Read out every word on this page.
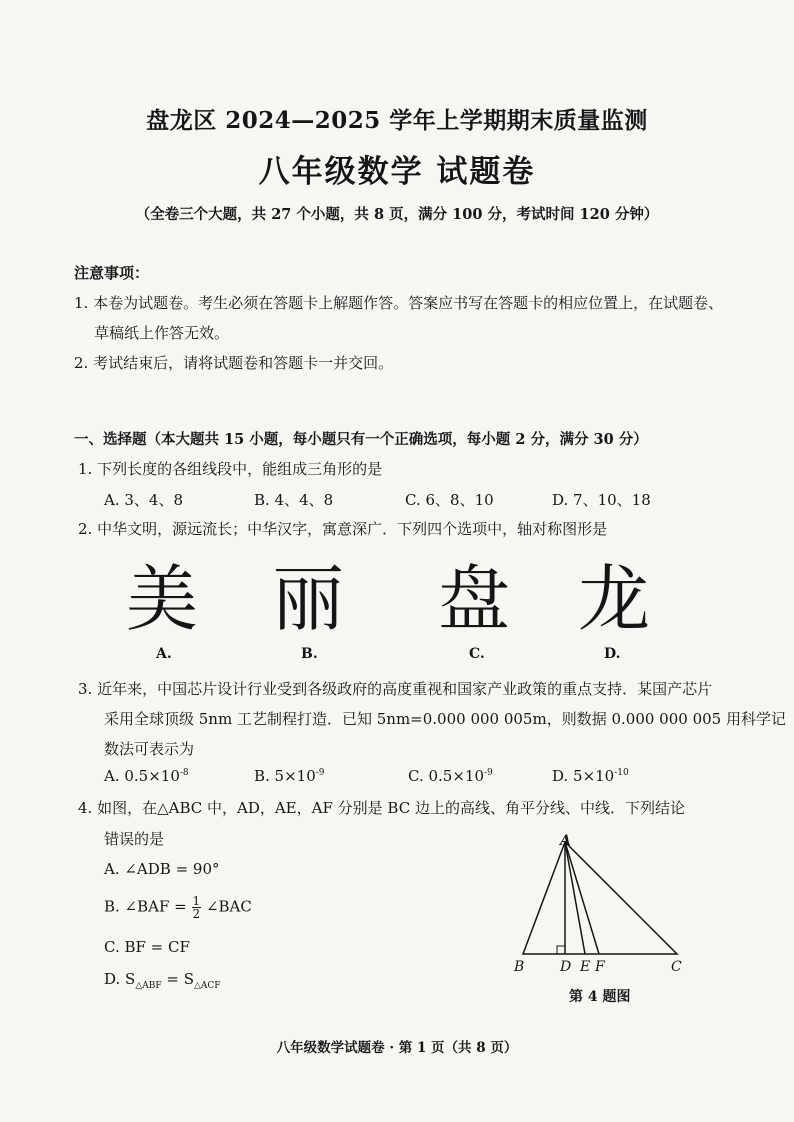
盘龙区 2024—2025 学年上学期期末质量监测
八年级数学 试题卷
（全卷三个大题，共 27 个小题，共 8 页，满分 100 分，考试时间 120 分钟）
注意事项：
1. 本卷为试题卷。考生必须在答题卡上解题作答。答案应书写在答题卡的相应位置上，在试题卷、
草稿纸上作答无效。
2. 考试结束后，请将试题卷和答题卡一并交回。
一、选择题（本大题共 15 小题，每小题只有一个正确选项，每小题 2 分，满分 30 分）
1. 下列长度的各组线段中，能组成三角形的是
A. 3、4、8	B. 4、4、8	C. 6、8、10	D. 7、10、18
2. 中华文明，源远流长；中华汉字，寓意深广．下列四个选项中，轴对称图形是
美 丽 盘 龙
A.	B.	C.	D.
3. 近年来，中国芯片设计行业受到各级政府的高度重视和国家产业政策的重点支持．某国产芯片
采用全球顶级 5nm 工艺制程打造．已知 5nm=0.000 000 005m，则数据 0.000 000 005 用科学记
数法可表示为
A. $0.5\times 10^{-8}$	B. $5\times 10^{-9}$	C. $0.5\times 10^{-9}$	D. $5\times 10^{-10}$
4. 如图，在△ABC 中，AD，AE，AF 分别是 BC 边上的高线、角平分线、中线．下列结论
错误的是
A. ∠ADB = 90°
B. ∠BAF = $\frac{1}{2}$ ∠BAC
C. BF = CF
D. $S_{\triangle ABF} = S_{\triangle ACF}$
A
B	D E F	C
第 4 题图
八年级数学试题卷 · 第 1 页（共 8 页）
